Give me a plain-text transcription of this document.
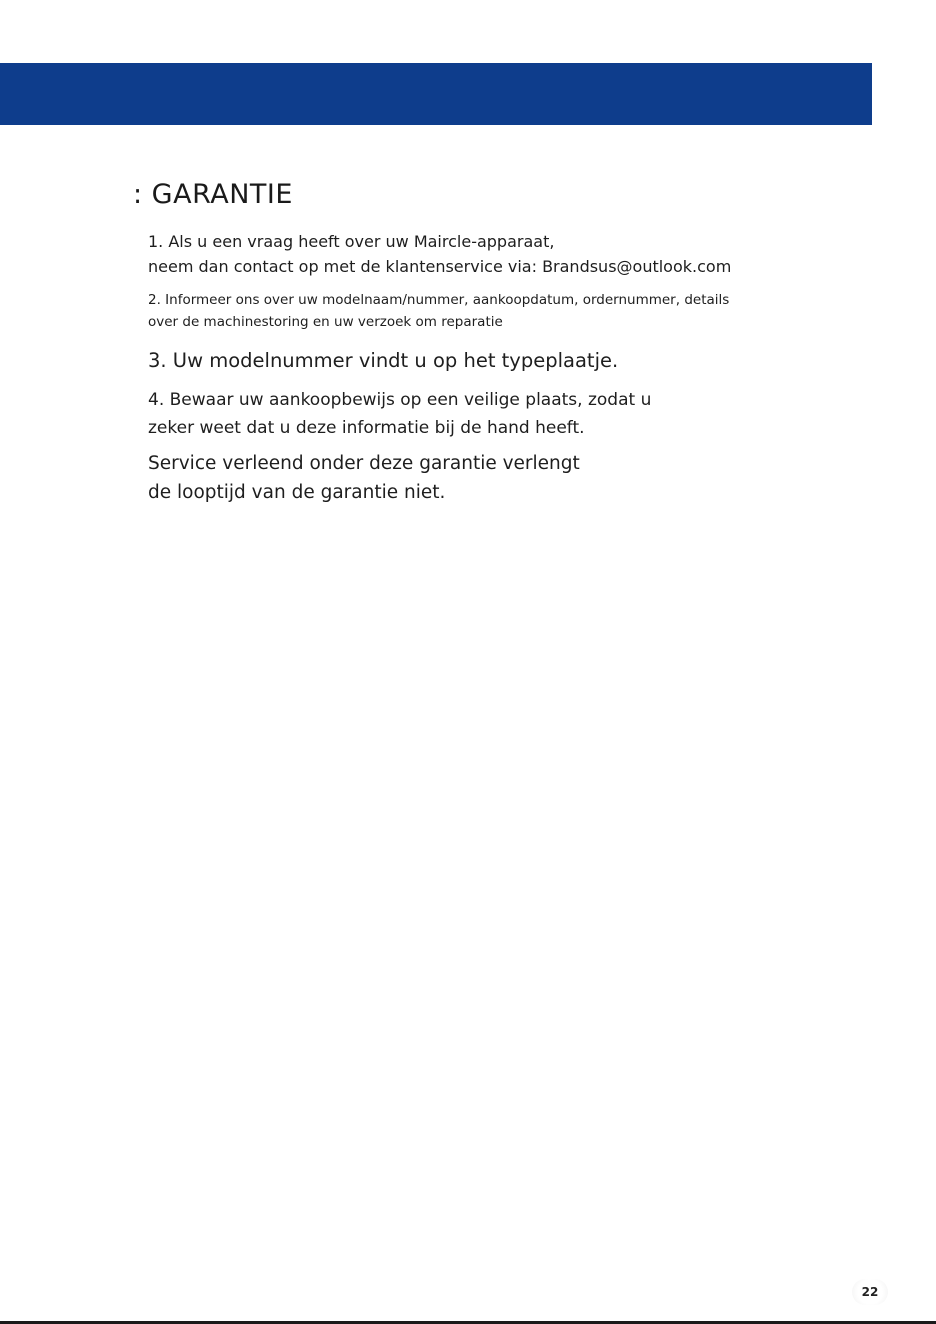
: GARANTIE

1. Als u een vraag heeft over uw Maircle-apparaat,
neem dan contact op met de klantenservice via: Brandsus@outlook.com

2. Informeer ons over uw modelnaam/nummer, aankoopdatum, ordernummer, details
over de machinestoring en uw verzoek om reparatie

3. Uw modelnummer vindt u op het typeplaatje.

4. Bewaar uw aankoopbewijs op een veilige plaats, zodat u
zeker weet dat u deze informatie bij de hand heeft.

Service verleend onder deze garantie verlengt
de looptijd van de garantie niet.

22
